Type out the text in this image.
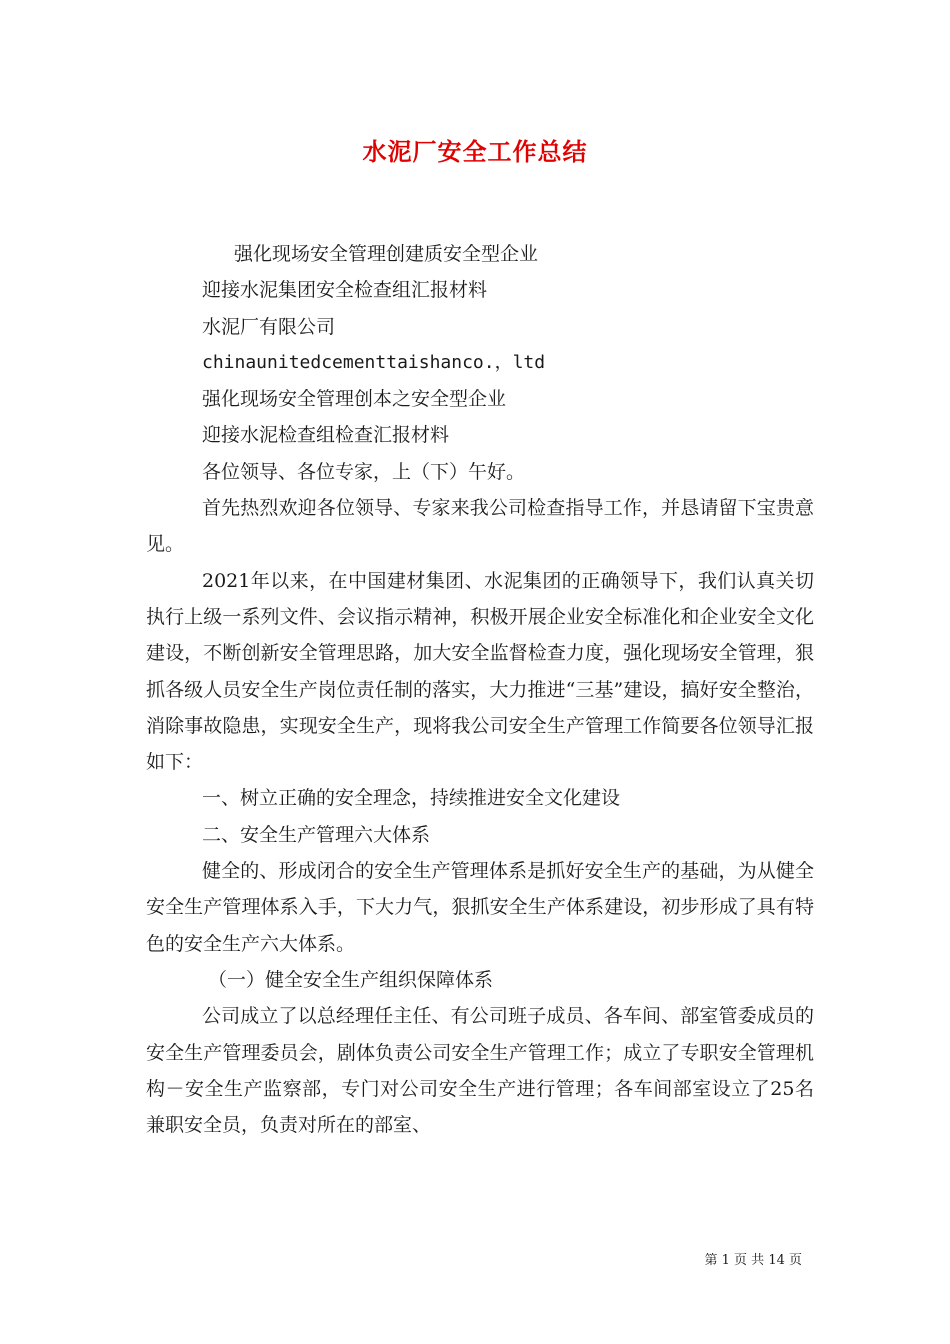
水泥厂安全工作总结

强化现场安全管理创建质安全型企业

迎接水泥集团安全检查组汇报材料

水泥厂有限公司

chinaunitedcementtaishanco.，ltd

强化现场安全管理创本之安全型企业

迎接水泥检查组检查汇报材料

各位领导、各位专家，上（下）午好。

首先热烈欢迎各位领导、专家来我公司检查指导工作，并恳请留下宝贵意见。

2021年以来，在中国建材集团、水泥集团的正确领导下，我们认真关切执行上级一系列文件、会议指示精神，积极开展企业安全标准化和企业安全文化建设，不断创新安全管理思路，加大安全监督检查力度，强化现场安全管理，狠抓各级人员安全生产岗位责任制的落实，大力推进“三基”建设，搞好安全整治，消除事故隐患，实现安全生产，现将我公司安全生产管理工作简要各位领导汇报如下：

一、树立正确的安全理念，持续推进安全文化建设

二、安全生产管理六大体系

健全的、形成闭合的安全生产管理体系是抓好安全生产的基础，为从健全安全生产管理体系入手，下大力气，狠抓安全生产体系建设，初步形成了具有特色的安全生产六大体系。

（一）健全安全生产组织保障体系

公司成立了以总经理任主任、有公司班子成员、各车间、部室管委成员的安全生产管理委员会，剧体负责公司安全生产管理工作；成立了专职安全管理机构－安全生产监察部，专门对公司安全生产进行管理；各车间部室设立了25名兼职安全员，负责对所在的部室、

第 1 页 共 14 页
